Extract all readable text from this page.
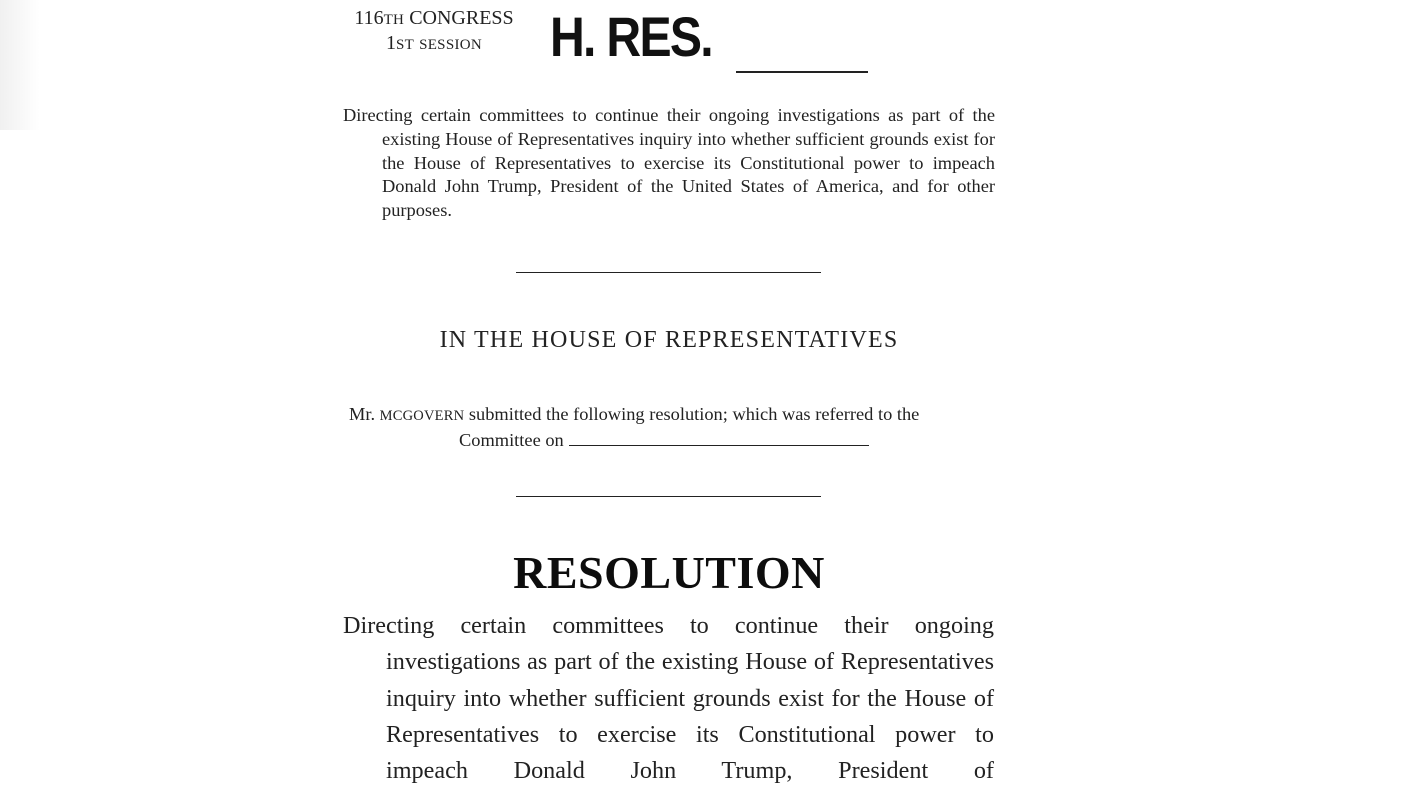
116TH CONGRESS
1ST SESSION	H. RES.
Directing certain committees to continue their ongoing investigations as part of the existing House of Representatives inquiry into whether sufficient grounds exist for the House of Representatives to exercise its Constitutional power to impeach Donald John Trump, President of the United States of America, and for other purposes.
IN THE HOUSE OF REPRESENTATIVES
Mr. MCGOVERN submitted the following resolution; which was referred to the
Committee on
RESOLUTION
Directing certain committees to continue their ongoing investigations as part of the existing House of Representatives inquiry into whether sufficient grounds exist for the House of Representatives to exercise its Constitutional power to impeach Donald John Trump, President of
